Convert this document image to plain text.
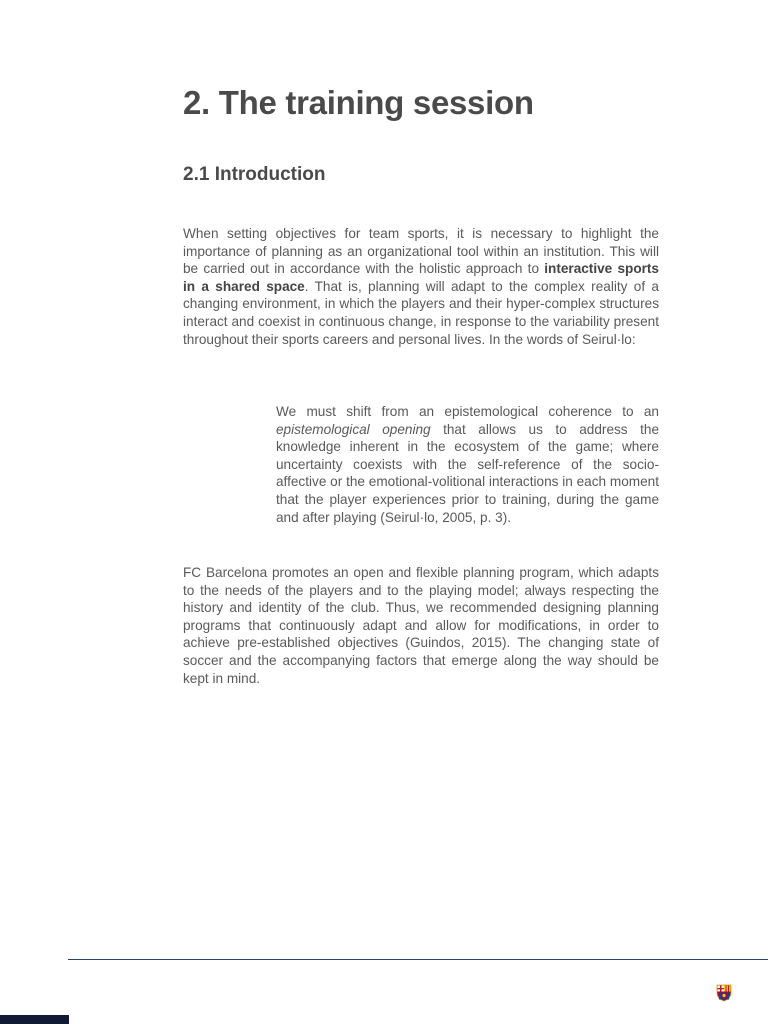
2. The training session
2.1 Introduction

When setting objectives for team sports, it is necessary to highlight the importance of planning as an organizational tool within an institution. This will be carried out in accordance with the holistic approach to interactive sports in a shared space. That is, planning will adapt to the complex reality of a changing environment, in which the players and their hyper-complex structures interact and coexist in continuous change, in response to the variability present throughout their sports careers and personal lives. In the words of Seirul·lo:

We must shift from an epistemological coherence to an epistemological opening that allows us to address the knowledge inherent in the ecosystem of the game; where uncertainty coexists with the self-reference of the socio-affective or the emotional-volitional interactions in each moment that the player experiences prior to training, during the game and after playing (Seirul·lo, 2005, p. 3).

FC Barcelona promotes an open and flexible planning program, which adapts to the needs of the players and to the playing model; always respecting the history and identity of the club. Thus, we recommended designing planning programs that continuously adapt and allow for modifications, in order to achieve pre-established objectives (Guindos, 2015). The changing state of soccer and the accompanying factors that emerge along the way should be kept in mind.
